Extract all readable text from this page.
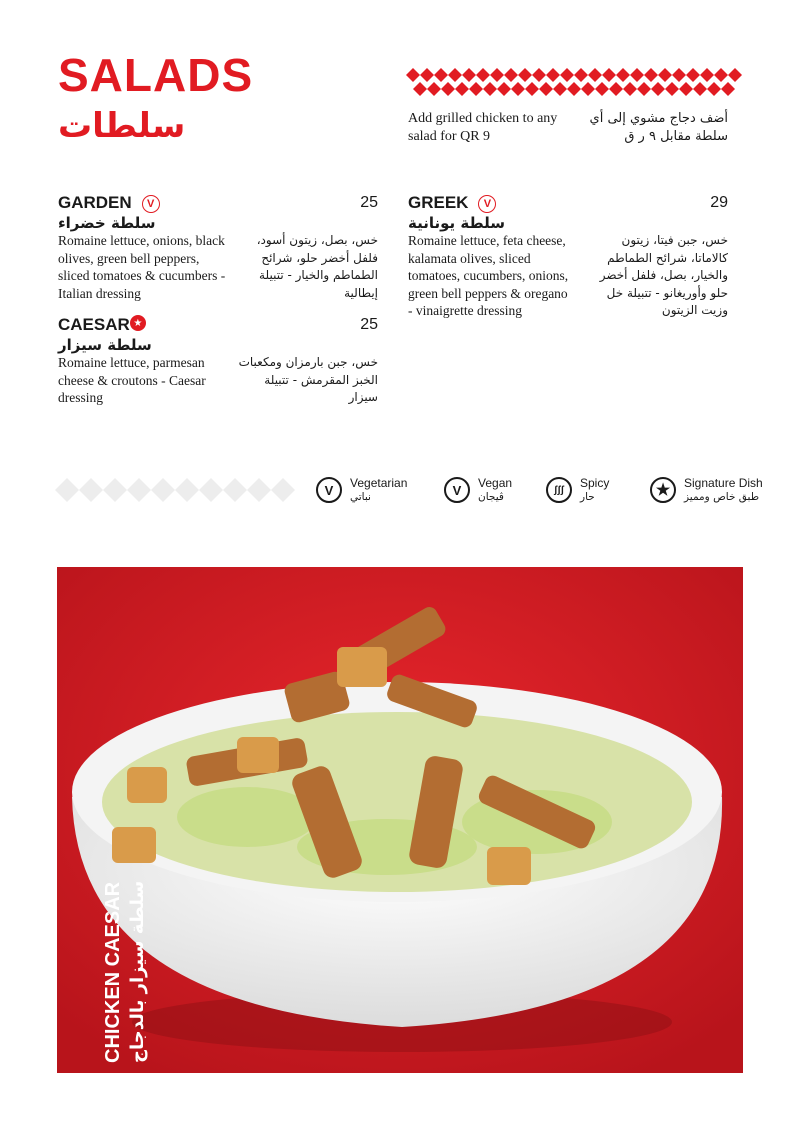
SALADS
سلطات	Add grilled chicken to any salad for QR 9
أضف دجاج مشوي إلى أي سلطة مقابل ٩ ر ق
GARDEN V	25
سلطة خضراء
Romaine lettuce, onions, black olives, green bell peppers, sliced tomatoes & cucumbers - Italian dressing
خس، بصل، زيتون أسود، فلفل أخضر حلو، شرائح الطماطم والخيار - تتبيلة إيطالية
CAESAR ★	25
سلطة سيزار
Romaine lettuce, parmesan cheese & croutons - Caesar dressing
خس، جبن بارمزان ومكعبات الخبز المقرمش - تتبيلة سيزار
GREEK V	29
سلطة يونانية
Romaine lettuce, feta cheese, kalamata olives, sliced tomatoes, cucumbers, onions, green bell peppers & oregano - vinaigrette dressing
خس، جبن فيتا، زيتون كالاماتا، شرائح الطماطم والخيار، بصل، فلفل أخضر حلو وأوريغانو - تتبيلة خل وزيت الزيتون
V	Vegetarian
نباتي	V	Vegan
ڤيجان
ʃʃʃ	Spicy
حار	★	Signature Dish
طبق خاص ومميز
CHICKEN CAESAR سلطة سيزار بالدجاج
